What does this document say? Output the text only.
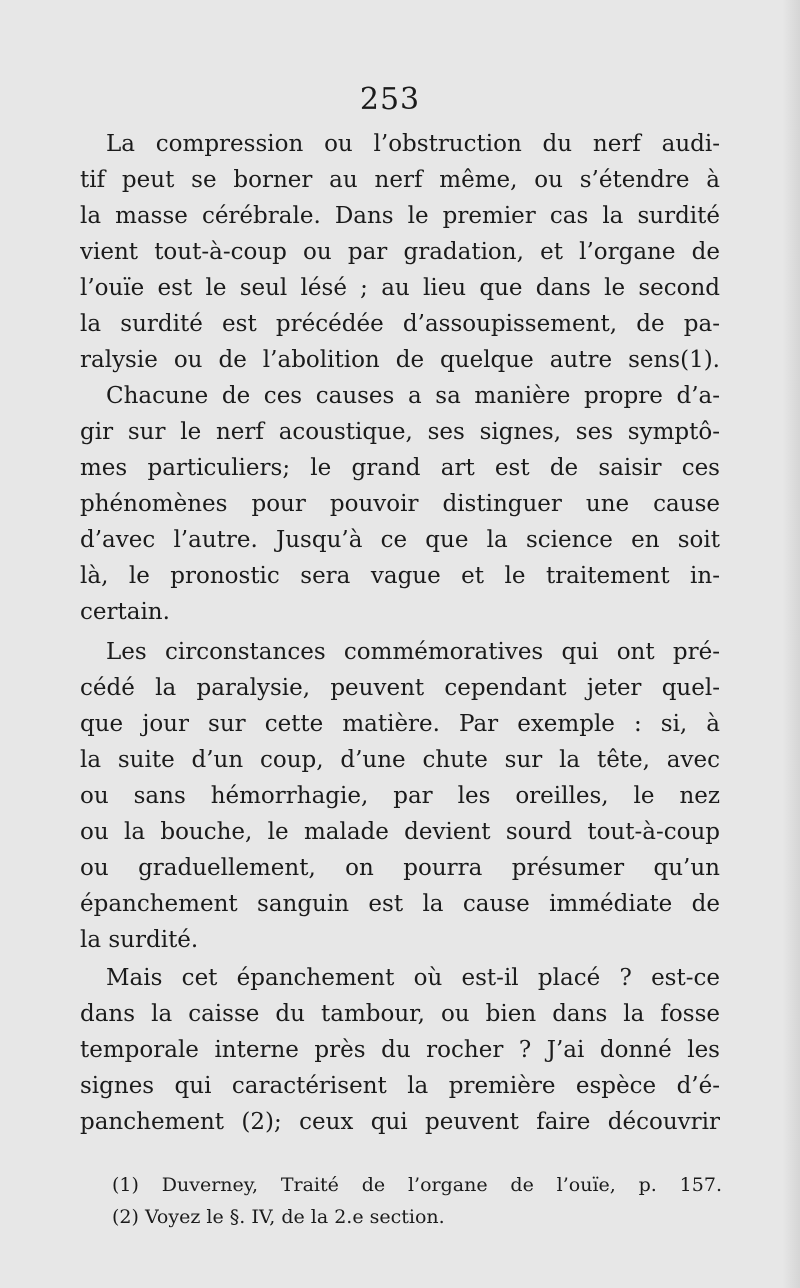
253
La compression ou l’obstruction du nerf audi-
tif peut se borner au nerf même, ou s’étendre à
la masse cérébrale. Dans le premier cas la surdité
vient tout-à-coup ou par gradation, et l’organe de
l’ouïe est le seul lésé ; au lieu que dans le second
la surdité est précédée d’assoupissement, de pa-
ralysie ou de l’abolition de quelque autre sens(1).
Chacune de ces causes a sa manière propre d’a-
gir sur le nerf acoustique, ses signes, ses symptô-
mes particuliers; le grand art est de saisir ces
phénomènes pour pouvoir distinguer une cause
d’avec l’autre. Jusqu’à ce que la science en soit
là, le pronostic sera vague et le traitement in-
certain.
Les circonstances commémoratives qui ont pré-
cédé la paralysie, peuvent cependant jeter quel-
que jour sur cette matière. Par exemple : si, à
la suite d’un coup, d’une chute sur la tête, avec
ou sans hémorrhagie, par les oreilles, le nez
ou la bouche, le malade devient sourd tout-à-coup
ou graduellement, on pourra présumer qu’un
épanchement sanguin est la cause immédiate de
la surdité.
Mais cet épanchement où est-il placé ? est-ce
dans la caisse du tambour, ou bien dans la fosse
temporale interne près du rocher ? J’ai donné les
signes qui caractérisent la première espèce d’é-
panchement (2); ceux qui peuvent faire découvrir
(1) Duverney, Traité de l’organe de l’ouïe, p. 157.
(2) Voyez le §. IV, de la 2.e section.
